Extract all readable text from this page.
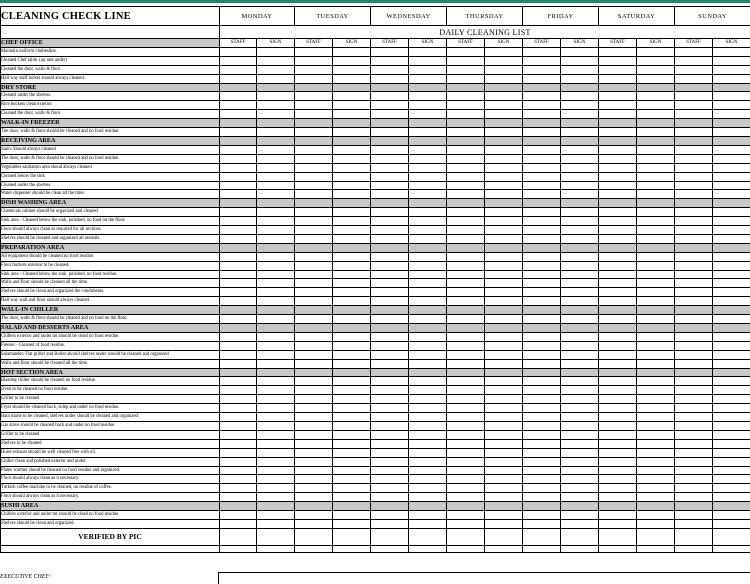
CLEANING CHECK LINE	MONDAY		TUESDAY		WEDNESDAY		THURSDAY		FRIDAY		SATURDAY		SUNDAY	
	DAILY CLEANING LIST													
CHEF OFFICE	STAFF	SIGN	STAFF	SIGN	STAFF	SIGN	STAFF	SIGN	STAFF	SIGN	STAFF	SIGN	STAFF	SIGN
Maintain uniform clothesline.														
Cleaned Chef table. (up and under)														
Cleaned the door, walls & floor														
Hall way staff locker should always cleaned.														
DRY STORE														
Cleaned under the shelves.														
Rice buckets clean exterior														
Cleaned the door, walls & floor														
WALK-IN FREEZER														
The door, walls & floor should be cleaned and no food residue.														
RECEIVING AREA														
Stairs Should always cleaned														
The door, walls & floor should be cleaned and no food residue.														
Vegetables sanitation area shoud always cleaned														
Cleaned below the sink														
Cleaned under the shelves.														
Water dispenser should be clean all the time.														
DISH WASHING AREA														
Chemicals cabinet should be organized and cleaned														
Sink area - Cleaned below the sink, polished, no food on the floor.														
Floor should always clean as required for all sections														
Shelves should be cleaned and organized all utensils.														
PREPARATION AREA														
All equipment should be cleaned no food residue.														
Flour buckets exterior to be cleaned.														
Sink area - Cleaned below the sink, polished, no food residue.														
Walls and floor should be cleaned all the time.														
Shelves should be clean and organized the condiments.														
Hall way wall and floor should always cleaned.														
WALL-IN CHILLER														
The door, walls & floor should be cleaned and no food on the floor.														
SALAD AND DESSERTS AREA														
Chillers exterior and under tnt should be clead no food residue.														
Freezer - Cleaned of food residue.														
Salamander, Flat griller and Boiler should shelves under should be cleaned and organized														
Walls and floor should be cleaned all the time.														
HOT SECTION AREA														
Blasting chiller should be cleaned no food residue.														
Oven to be cleaned no food residue.														
Griller to be cleaned														
Fryer should be cleaned back, sidep and under no food residue.														
Bain marie to be cleaned, shelves under should be cleaned and organized.														
Gas stove should be cleaned back and under no food residue.														
Griller to be cleaned														
Shelves to be cleaned														
Hood exhaust should be well cleaned free with oil.														
Chiller clean and polished exterior and under.														
Plates warmer shoud be cleaned no food residue and organized.														
Floor should always clean as it necessary.														
Turkish coffee machine to be cleaned, no residue of coffee.														
Floor should always clean as it necessary.														
SUSHI AREA														
Chillers exterior and under tnt should be clead no food residue.														
Shelves should be clean and organized.														
VERIFIED BY PIC														

EXECUTIVE CHEF:
